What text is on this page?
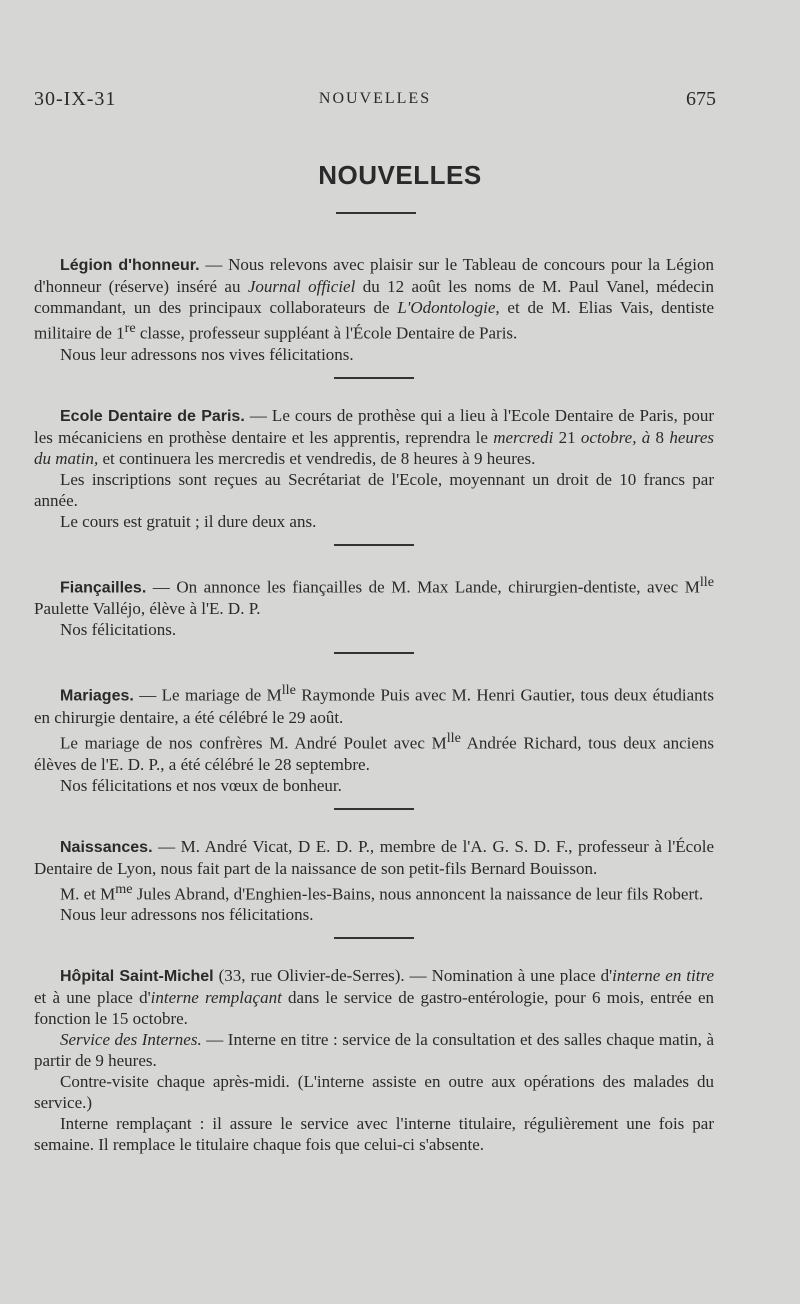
30-IX-31	NOUVELLES	675
NOUVELLES

Légion d'honneur. — Nous relevons avec plaisir sur le Tableau de concours pour la Légion d'honneur (réserve) inséré au Journal officiel du 12 août les noms de M. Paul Vanel, médecin commandant, un des principaux collaborateurs de L'Odontologie, et de M. Elias Vais, dentiste militaire de 1re classe, professeur suppléant à l'École Dentaire de Paris.

Nous leur adressons nos vives félicitations.

Ecole Dentaire de Paris. — Le cours de prothèse qui a lieu à l'Ecole Dentaire de Paris, pour les mécaniciens en prothèse dentaire et les apprentis, reprendra le mercredi 21 octobre, à 8 heures du matin, et continuera les mercredis et vendredis, de 8 heures à 9 heures.

Les inscriptions sont reçues au Secrétariat de l'Ecole, moyennant un droit de 10 francs par année.

Le cours est gratuit ; il dure deux ans.

Fiançailles. — On annonce les fiançailles de M. Max Lande, chirurgien-dentiste, avec $M^{lle}$ Paulette Valléjo, élève à l'E. D. P.

Nos félicitations.

Mariages. — Le mariage de $M^{lle}$ Raymonde Puis avec M. Henri Gautier, tous deux étudiants en chirurgie dentaire, a été célébré le 29 août.

Le mariage de nos confrères M. André Poulet avec $M^{lle}$ Andrée Richard, tous deux anciens élèves de l'E. D. P., a été célébré le 28 septembre.

Nos félicitations et nos vœux de bonheur.

Naissances. — M. André Vicat, D E. D. P., membre de l'A. G. S. D. F., professeur à l'École Dentaire de Lyon, nous fait part de la naissance de son petit-fils Bernard Bouisson.

M. et $M^{me}$ Jules Abrand, d'Enghien-les-Bains, nous annoncent la naissance de leur fils Robert.

Nous leur adressons nos félicitations.

Hôpital Saint-Michel (33, rue Olivier-de-Serres). — Nomination à une place d'interne en titre et à une place d'interne remplaçant dans le service de gastro-entérologie, pour 6 mois, entrée en fonction le 15 octobre.

Service des Internes. — Interne en titre : service de la consultation et des salles chaque matin, à partir de 9 heures.

Contre-visite chaque après-midi. (L'interne assiste en outre aux opérations des malades du service.)

Interne remplaçant : il assure le service avec l'interne titulaire, régulièrement une fois par semaine. Il remplace le titulaire chaque fois que celui-ci s'absente.
